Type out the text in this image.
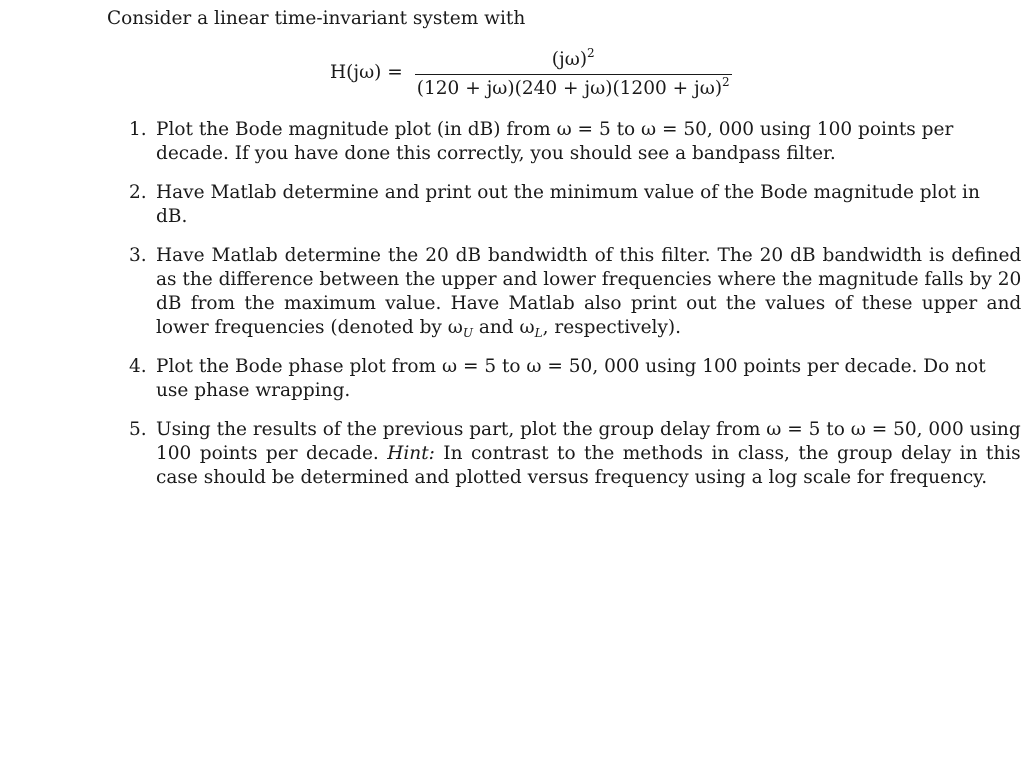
Consider a linear time-invariant system with
$H(j\omega) = \frac{(j\omega)^2}{(120 + j\omega)(240 + j\omega)(1200 + j\omega)^2}$
1. Plot the Bode magnitude plot (in dB) from ω = 5 to ω = 50, 000 using 100 points per
decade. If you have done this correctly, you should see a bandpass filter.
2. Have Matlab determine and print out the minimum value of the Bode magnitude plot in
dB.
3. Have Matlab determine the 20 dB bandwidth of this filter. The 20 dB bandwidth is defined
as the difference between the upper and lower frequencies where the magnitude falls by 20
dB from the maximum value. Have Matlab also print out the values of these upper and
lower frequencies (denoted by $\omega_U$ and $\omega_L$, respectively).
4. Plot the Bode phase plot from ω = 5 to ω = 50, 000 using 100 points per decade. Do not
use phase wrapping.
5. Using the results of the previous part, plot the group delay from ω = 5 to ω = 50, 000 using
100 points per decade. Hint: In contrast to the methods in class, the group delay in this
case should be determined and plotted versus frequency using a log scale for frequency.
